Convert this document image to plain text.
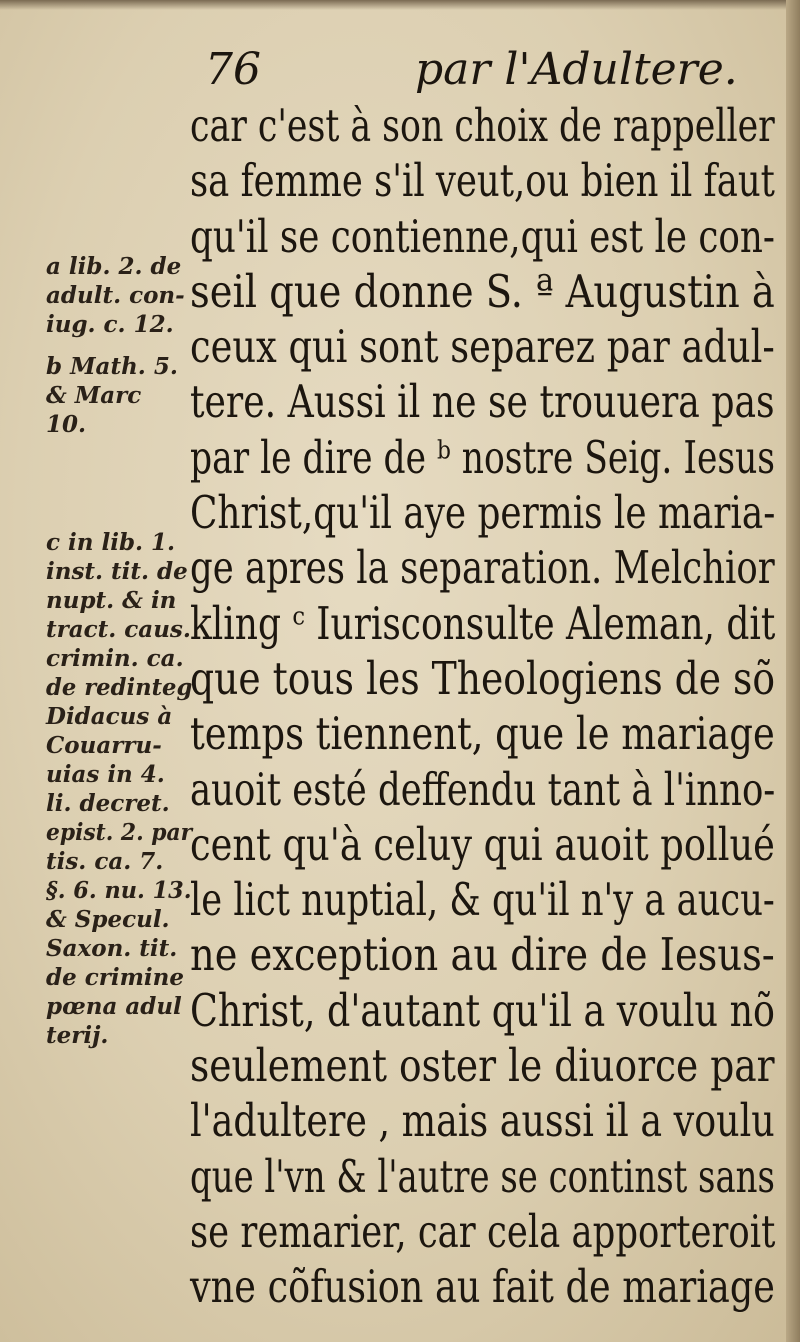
76	par l'Adultere.
car c'est à son choix de rappeller
sa femme s'il veut,ou bien il faut
qu'il se contienne,qui est le con-
seil que donne S. ª Augustin à
ceux qui sont separez par adul-
tere. Aussi il ne se trouuera pas
par le dire de ᵇ nostre Seig. Iesus
Christ,qu'il aye permis le maria-
ge apres la separation. Melchior
kling ᶜ Iurisconsulte Aleman, dit
que tous les Theologiens de sõ
temps tiennent, que le mariage
auoit esté deffendu tant à l'inno-
cent qu'à celuy qui auoit pollué
le lict nuptial, & qu'il n'y a aucu-
ne exception au dire de Iesus-
Christ, d'autant qu'il a voulu nõ
seulement oster le diuorce par
l'adultere , mais aussi il a voulu
que l'vn & l'autre se continst sans
se remarier, car cela apporteroit
vne cõfusion au fait de mariage
a lib. 2. de
adult. con-
iug. c. 12.
b Math. 5.
& Marc
10.
c in lib. 1.
inst. tit. de
nupt. & in
tract. caus.
crimin. ca.
de redinteg
Didacus à
Couarru-
uias in 4.
li. decret.
epist. 2. par
tis. ca. 7.
§. 6. nu. 13.
& Specul.
Saxon. tit.
de crimine
pœna adul
terij.
